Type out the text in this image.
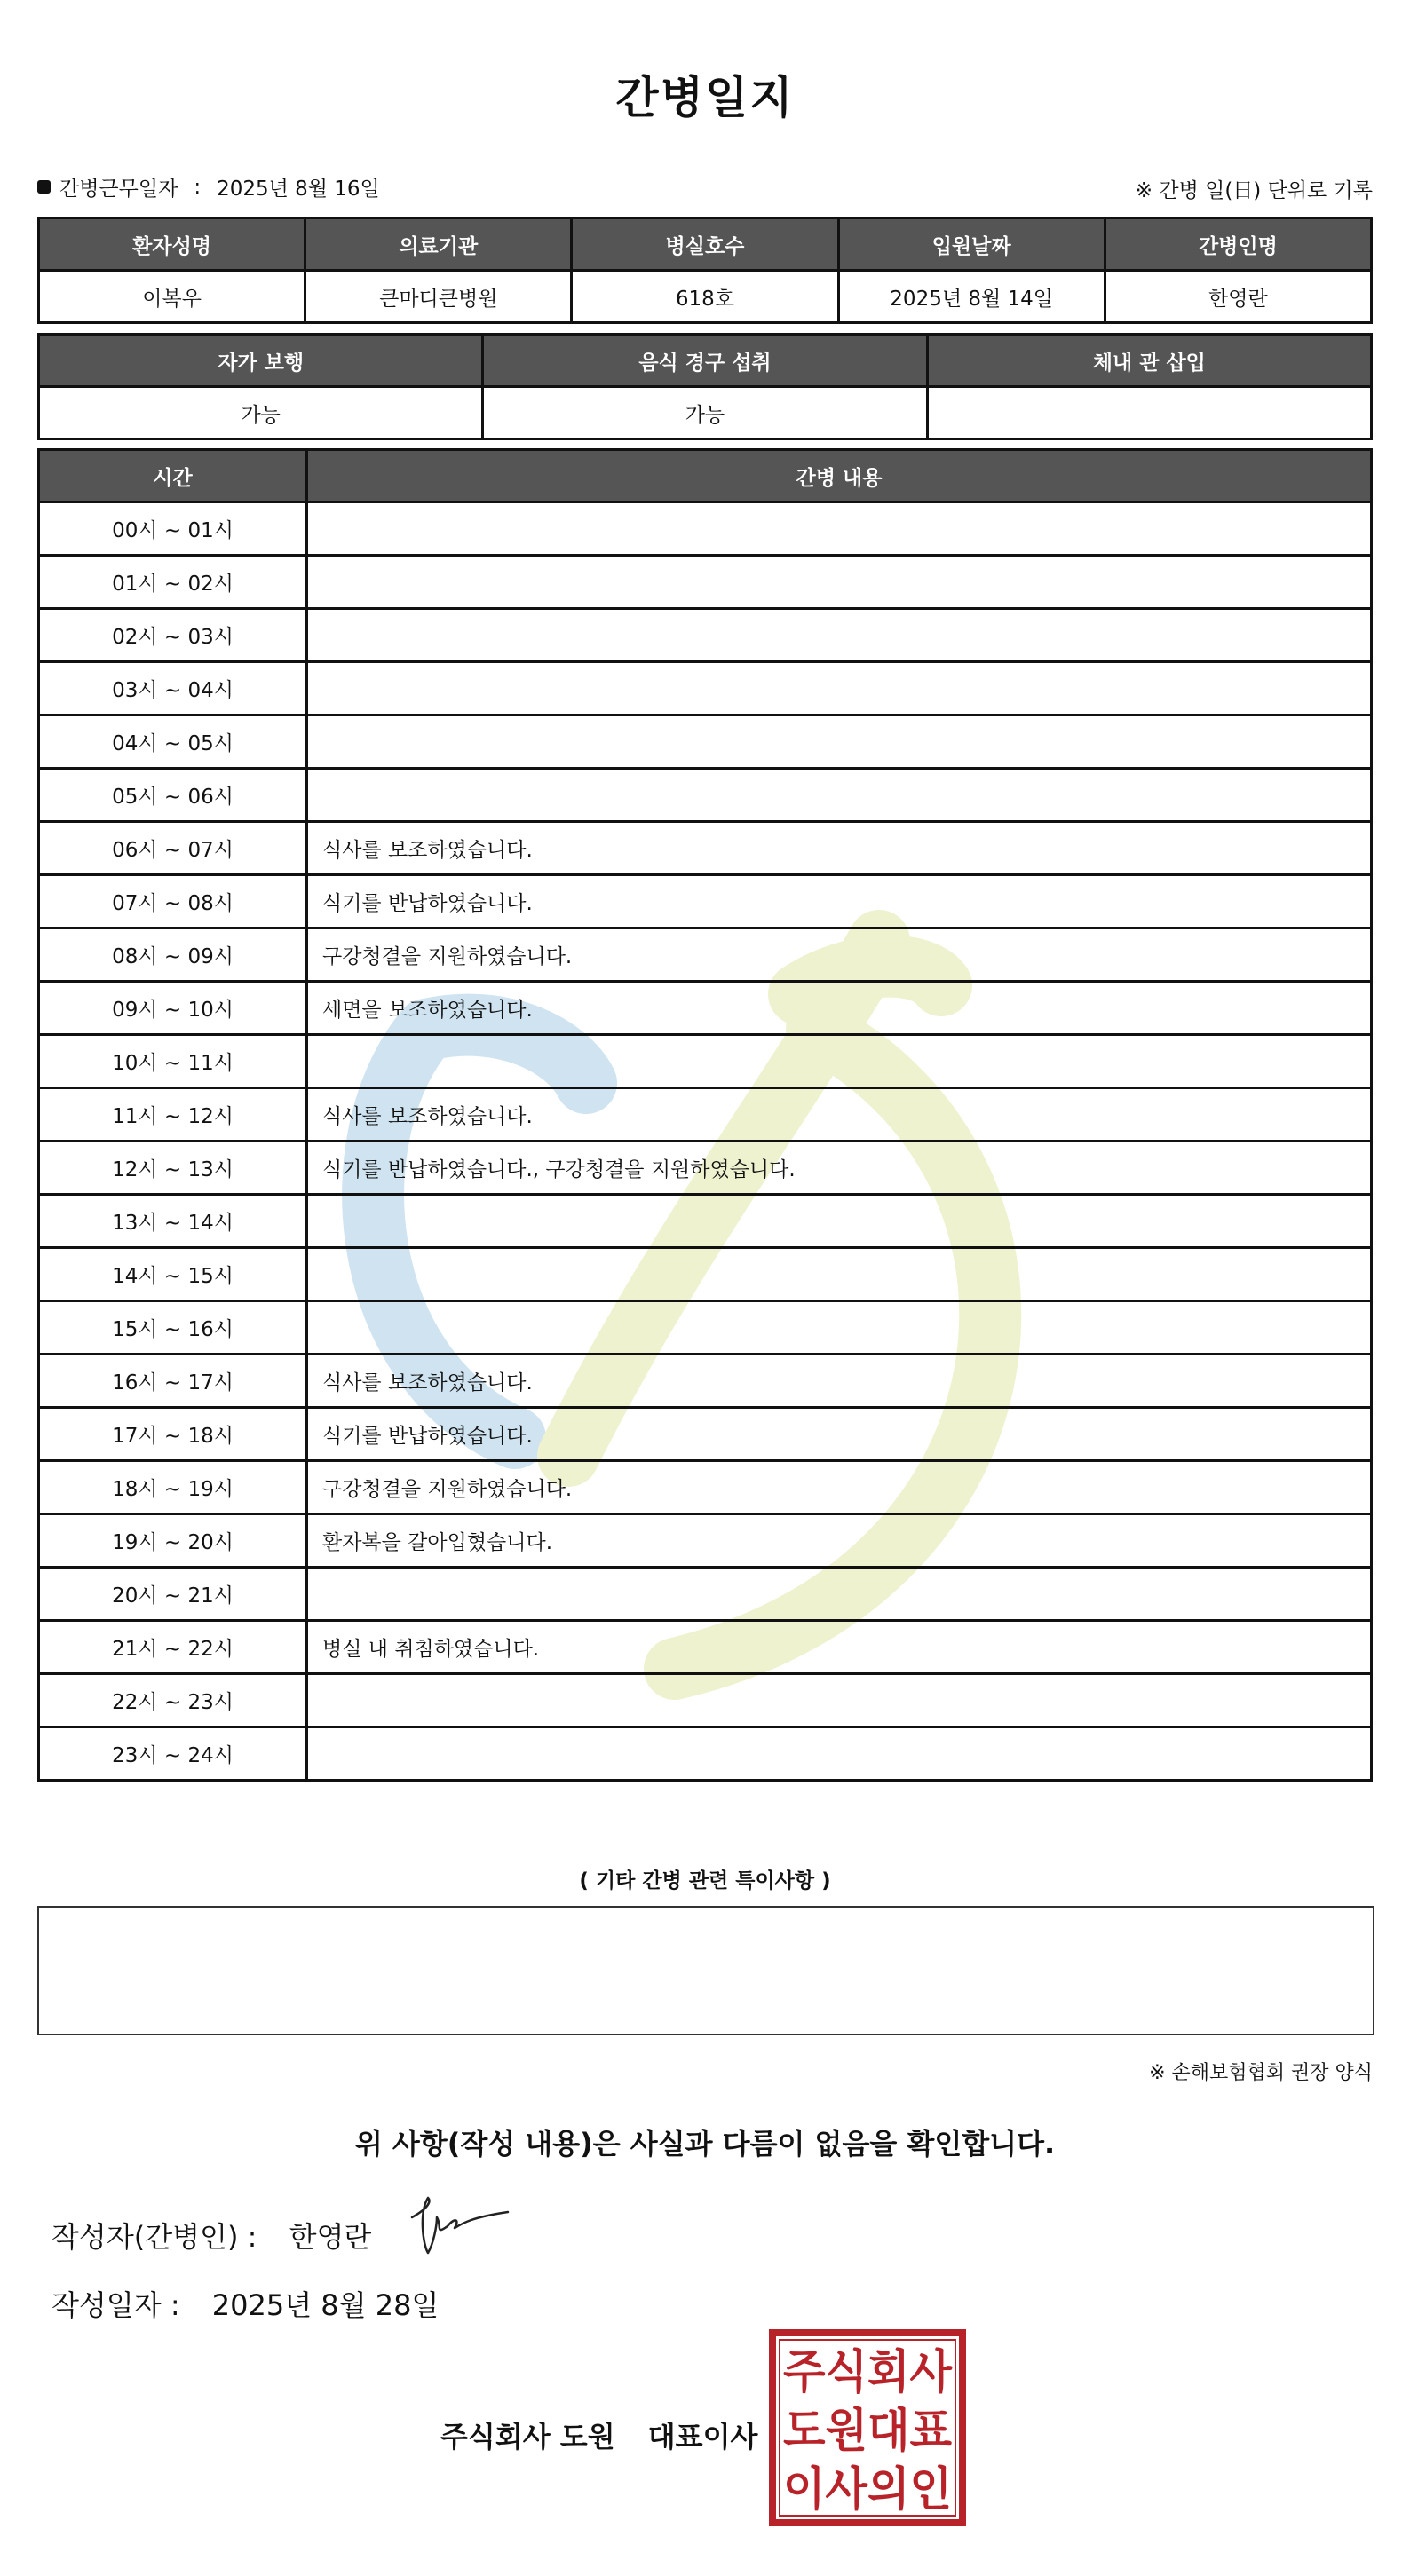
간병일지
간병근무일자 : 2025년 8월 16일	※ 간병 일(日) 단위로 기록
환자성명	의료기관	병실호수	입원날짜	간병인명
이복우	큰마디큰병원	618호	2025년 8월 14일	한영란
자가 보행	음식 경구 섭취	체내 관 삽입
가능	가능	
시간	간병 내용
00시 ~ 01시	
01시 ~ 02시	
02시 ~ 03시	
03시 ~ 04시	
04시 ~ 05시	
05시 ~ 06시	
06시 ~ 07시	식사를 보조하였습니다.
07시 ~ 08시	식기를 반납하였습니다.
08시 ~ 09시	구강청결을 지원하였습니다.
09시 ~ 10시	세면을 보조하였습니다.
10시 ~ 11시	
11시 ~ 12시	식사를 보조하였습니다.
12시 ~ 13시	식기를 반납하였습니다., 구강청결을 지원하였습니다.
13시 ~ 14시	
14시 ~ 15시	
15시 ~ 16시	
16시 ~ 17시	식사를 보조하였습니다.
17시 ~ 18시	식기를 반납하였습니다.
18시 ~ 19시	구강청결을 지원하였습니다.
19시 ~ 20시	환자복을 갈아입혔습니다.
20시 ~ 21시	
21시 ~ 22시	병실 내 취침하였습니다.
22시 ~ 23시	
23시 ~ 24시	
( 기타 간병 관련 특이사항 )
※ 손해보험협회 권장 양식
위 사항(작성 내용)은 사실과 다름이 없음을 확인합니다.
작성자(간병인) : 한영란
작성일자 : 2025년 8월 28일
주식회사 도원 대표이사
주식회사
도원대표
이사의인
